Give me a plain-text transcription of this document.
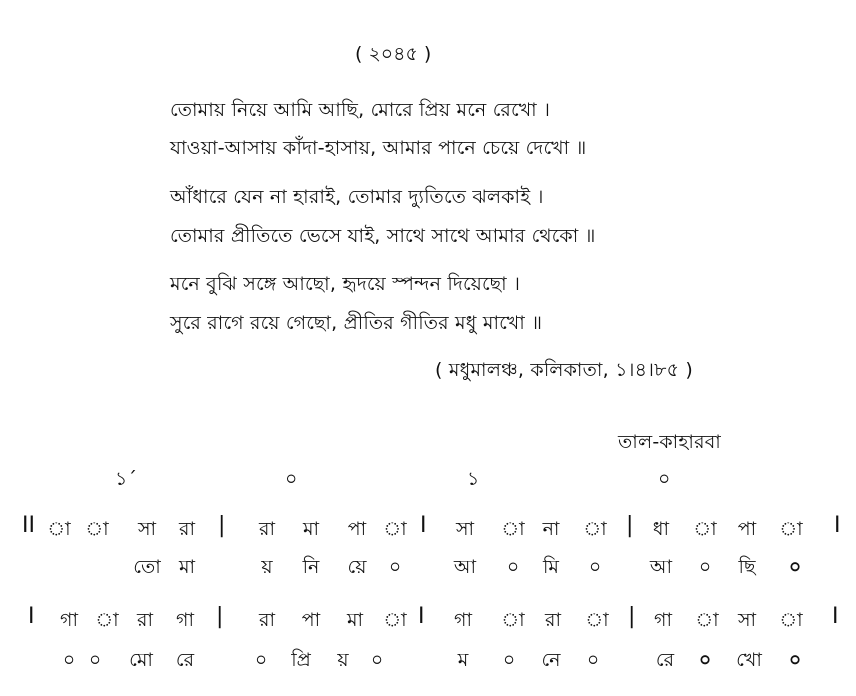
( ২০৪৫ )
তোমায় নিয়ে আমি আছি, মোরে প্রিয় মনে রেখো ।
যাওয়া-আসায় কাঁদা-হাসায়, আমার পানে চেয়ে দেখো ॥
আঁধারে যেন না হারাই, তোমার দ্যুতিতে ঝলকাই ।
তোমার প্রীতিতে ভেসে যাই, সাথে সাথে আমার থেকো ॥
মনে বুঝি সঙ্গে আছো, হৃদয়ে স্পন্দন দিয়েছো ।
সুরে রাগে রয়ে গেছো, প্রীতির গীতির মধু মাখো ॥
( মধুমালঞ্চ, কলিকাতা, ১।৪।৮৫ )
তাল-কাহারবা
১´	০	১	০
II া া	সা	রা	|	রা	মা	পা া I	সা	া না	া |	ধা	া	পা	া I
তো মা	য়	নি	য়ে	০	আ	০	মি	০	আ	০	ছি	০
I	গা া রা	গা	|	রা	পা	মা	া I	গা	া	রা	া | গা	া	সা	া I
০ ০	মো	রে	০	প্রি	য়	০	ম	০	নে	০	রে	০	খো	০
